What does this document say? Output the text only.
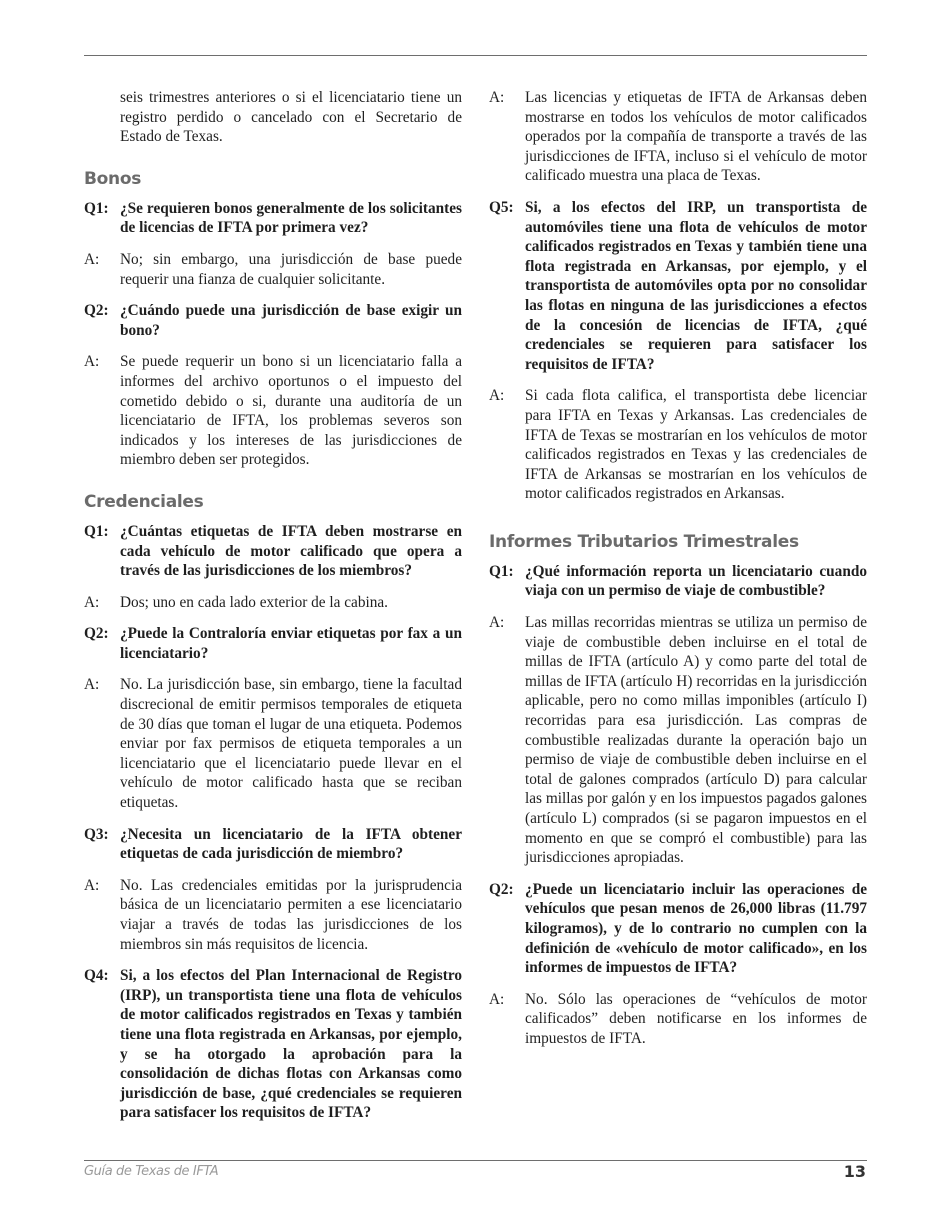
seis trimestres anteriores o si el licenciatario tiene un registro perdido o cancelado con el Secretario de Estado de Texas.

Bonos
Q1: ¿Se requieren bonos generalmente de los solicitantes de licencias de IFTA por primera vez?
A:	No; sin embargo, una jurisdicción de base puede requerir una fianza de cualquier solicitante.
Q2: ¿Cuándo puede una jurisdicción de base exigir un bono?
A:	Se puede requerir un bono si un licenciatario falla a informes del archivo oportunos o el impuesto del cometido debido o si, durante una auditoría de un licenciatario de IFTA, los problemas severos son indicados y los intereses de las jurisdicciones de miembro deben ser protegidos.
Credenciales
Q1: ¿Cuántas etiquetas de IFTA deben mostrarse en cada vehículo de motor calificado que opera a través de las jurisdicciones de los miembros?
A:	Dos; uno en cada lado exterior de la cabina.
Q2: ¿Puede la Contraloría enviar etiquetas por fax a un licenciatario?
A:	No. La jurisdicción base, sin embargo, tiene la facultad discrecional de emitir permisos temporales de etiqueta de 30 días que toman el lugar de una etiqueta. Podemos enviar por fax permisos de etiqueta temporales a un licenciatario que el licenciatario puede llevar en el vehículo de motor calificado hasta que se reciban etiquetas.
Q3: ¿Necesita un licenciatario de la IFTA obtener etiquetas de cada jurisdicción de miembro?
A:	No. Las credenciales emitidas por la jurisprudencia básica de un licenciatario permiten a ese licenciatario viajar a través de todas las jurisdicciones de los miembros sin más requisitos de licencia.
Q4: Si, a los efectos del Plan Internacional de Registro (IRP), un transportista tiene una flota de vehículos de motor calificados registrados en Texas y también tiene una flota registrada en Arkansas, por ejemplo, y se ha otorgado la aprobación para la consolidación de dichas flotas con Arkansas como jurisdicción de base, ¿qué credenciales se requieren para satisfacer los requisitos de IFTA?
A:	Las licencias y etiquetas de IFTA de Arkansas deben mostrarse en todos los vehículos de motor calificados operados por la compañía de transporte a través de las jurisdicciones de IFTA, incluso si el vehículo de motor calificado muestra una placa de Texas.
Q5: Si, a los efectos del IRP, un transportista de automóviles tiene una flota de vehículos de motor calificados registrados en Texas y también tiene una flota registrada en Arkansas, por ejemplo, y el transportista de automóviles opta por no consolidar las flotas en ninguna de las jurisdicciones a efectos de la concesión de licencias de IFTA, ¿qué credenciales se requieren para satisfacer los requisitos de IFTA?
A:	Si cada flota califica, el transportista debe licenciar para IFTA en Texas y Arkansas. Las credenciales de IFTA de Texas se mostrarían en los vehículos de motor calificados registrados en Texas y las credenciales de IFTA de Arkansas se mostrarían en los vehículos de motor calificados registrados en Arkansas.
Informes Tributarios Trimestrales
Q1: ¿Qué información reporta un licenciatario cuando viaja con un permiso de viaje de combustible?
A:	Las millas recorridas mientras se utiliza un permiso de viaje de combustible deben incluirse en el total de millas de IFTA (artículo A) y como parte del total de millas de IFTA (artículo H) recorridas en la jurisdicción aplicable, pero no como millas imponibles (artículo I) recorridas para esa jurisdicción. Las compras de combustible realizadas durante la operación bajo un permiso de viaje de combustible deben incluirse en el total de galones comprados (artículo D) para calcular las millas por galón y en los impuestos pagados galones (artículo L) comprados (si se pagaron impuestos en el momento en que se compró el combustible) para las jurisdicciones apropiadas.
Q2: ¿Puede un licenciatario incluir las operaciones de vehículos que pesan menos de 26,000 libras (11.797 kilogramos), y de lo contrario no cumplen con la definición de «vehículo de motor calificado», en los informes de impuestos de IFTA?
A:	No. Sólo las operaciones de “vehículos de motor calificados” deben notificarse en los informes de impuestos de IFTA.
Guía de Texas de IFTA	13
